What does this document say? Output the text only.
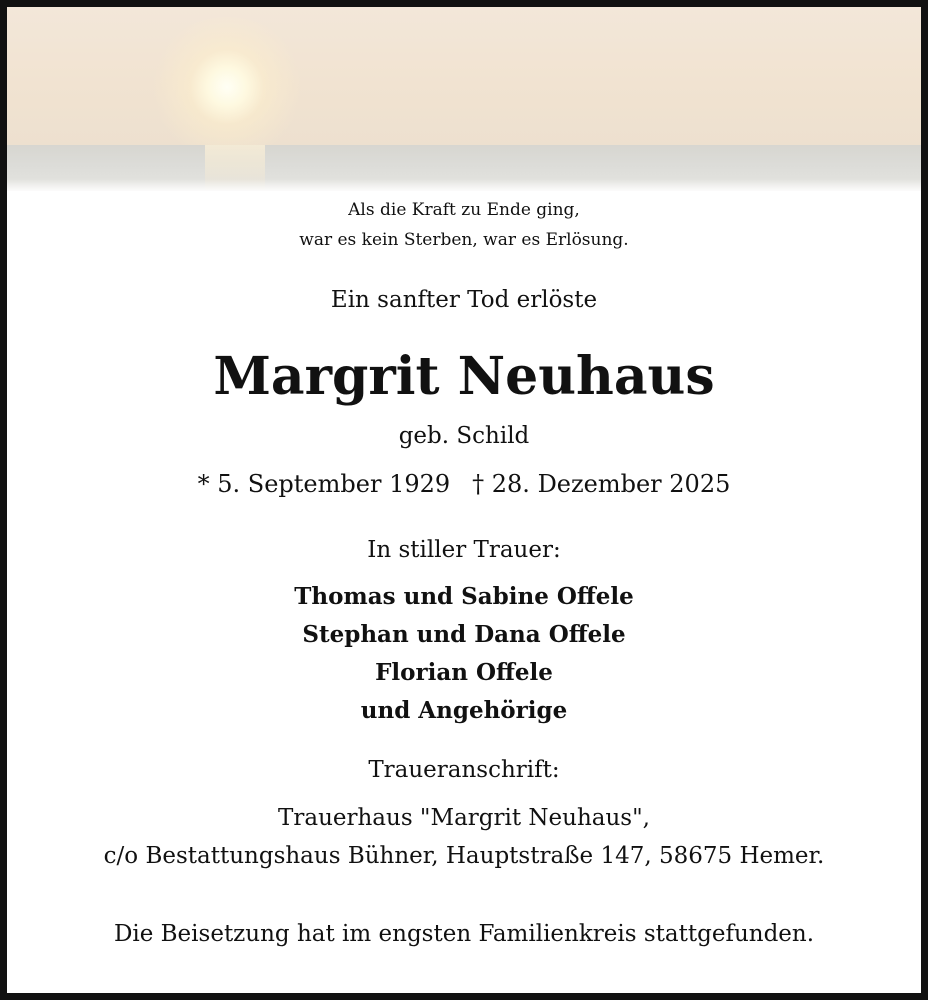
Als die Kraft zu Ende ging,
war es kein Sterben, war es Erlösung.
Ein sanfter Tod erlöste
Margrit Neuhaus
geb. Schild
* 5. September 1929 † 28. Dezember 2025
In stiller Trauer:
Thomas und Sabine Offele
Stephan und Dana Offele
Florian Offele
und Angehörige
Traueranschrift:
Trauerhaus "Margrit Neuhaus",
c/o Bestattungshaus Bühner, Hauptstraße 147, 58675 Hemer.
Die Beisetzung hat im engsten Familienkreis stattgefunden.
